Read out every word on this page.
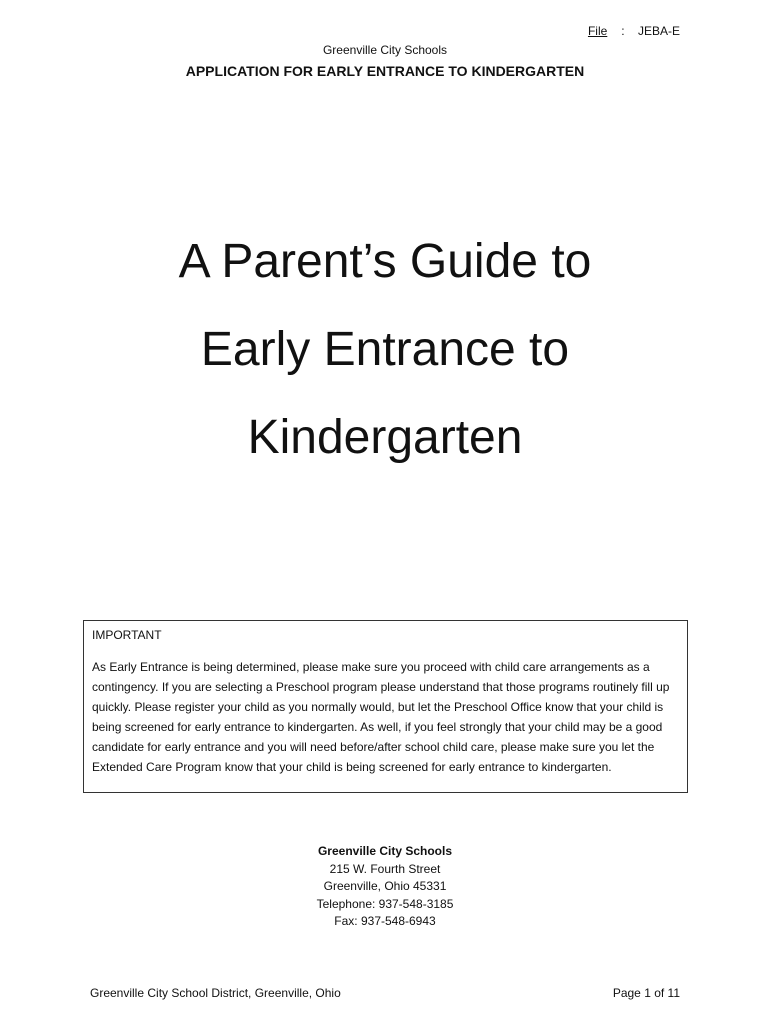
File : JEBA-E
Greenville City Schools
APPLICATION FOR EARLY ENTRANCE TO KINDERGARTEN
A Parent’s Guide to
Early Entrance to
Kindergarten

IMPORTANT

As Early Entrance is being determined, please make sure you proceed with child care arrangements as a contingency. If you are selecting a Preschool program please understand that those programs routinely fill up quickly. Please register your child as you normally would, but let the Preschool Office know that your child is being screened for early entrance to kindergarten. As well, if you feel strongly that your child may be a good candidate for early entrance and you will need before/after school child care, please make sure you let the Extended Care Program know that your child is being screened for early entrance to kindergarten.

Greenville City Schools
215 W. Fourth Street
Greenville, Ohio 45331
Telephone: 937-548-3185
Fax: 937-548-6943
Greenville City School District, Greenville, Ohio	Page 1 of 11
